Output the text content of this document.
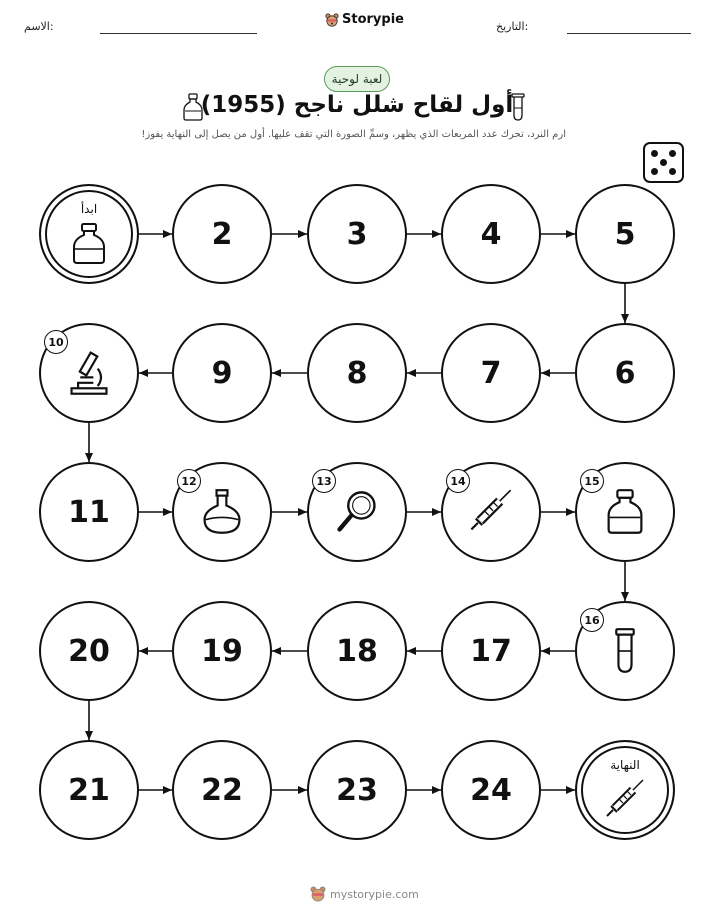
الاسم:	Storypie	التاريخ:
لعبة لوحية
أول لقاح شلل ناجح (1955)
ارم النرد، تحرك عدد المربعات الذي يظهر، وسمِّ الصورة التي تقف عليها. أول من يصل إلى النهاية يفوز!
ابدأ
2	3	4	5
6
7
8
9
10
11
12	13	14	15
16
17
18
19
20
21	22	23	24
النهاية
mystorypie.com
